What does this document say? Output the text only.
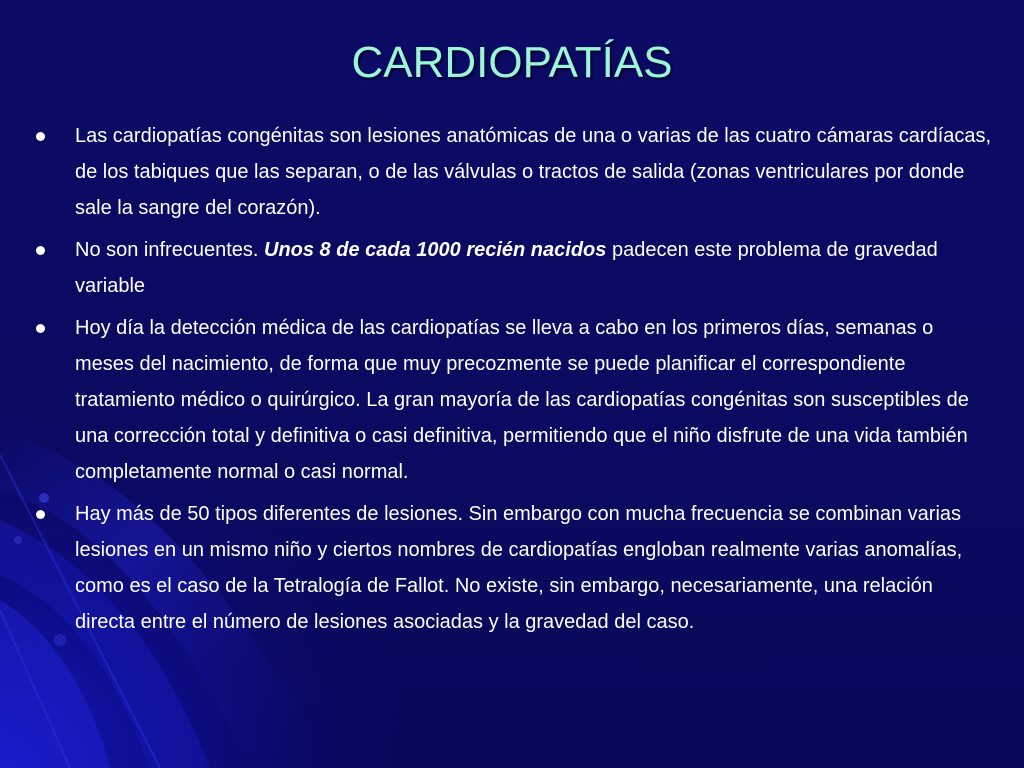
CARDIOPATÍAS
Las cardiopatías congénitas son lesiones anatómicas de una o varias de las cuatro cámaras cardíacas, de los tabiques que las separan, o de las válvulas o tractos de salida (zonas ventriculares por donde sale la sangre del corazón).
No son infrecuentes. Unos 8 de cada 1000 recién nacidos padecen este problema de gravedad variable
Hoy día la detección médica de las cardiopatías se lleva a cabo en los primeros días, semanas o meses del nacimiento, de forma que muy precozmente se puede planificar el correspondiente tratamiento médico o quirúrgico. La gran mayoría de las cardiopatías congénitas son susceptibles de una corrección total y definitiva o casi definitiva, permitiendo que el niño disfrute de una vida también completamente normal o casi normal.
Hay más de 50 tipos diferentes de lesiones. Sin embargo con mucha frecuencia se combinan varias lesiones en un mismo niño y ciertos nombres de cardiopatías engloban realmente varias anomalías, como es el caso de la Tetralogía de Fallot. No existe, sin embargo, necesariamente, una relación directa entre el número de lesiones asociadas y la gravedad del caso.
